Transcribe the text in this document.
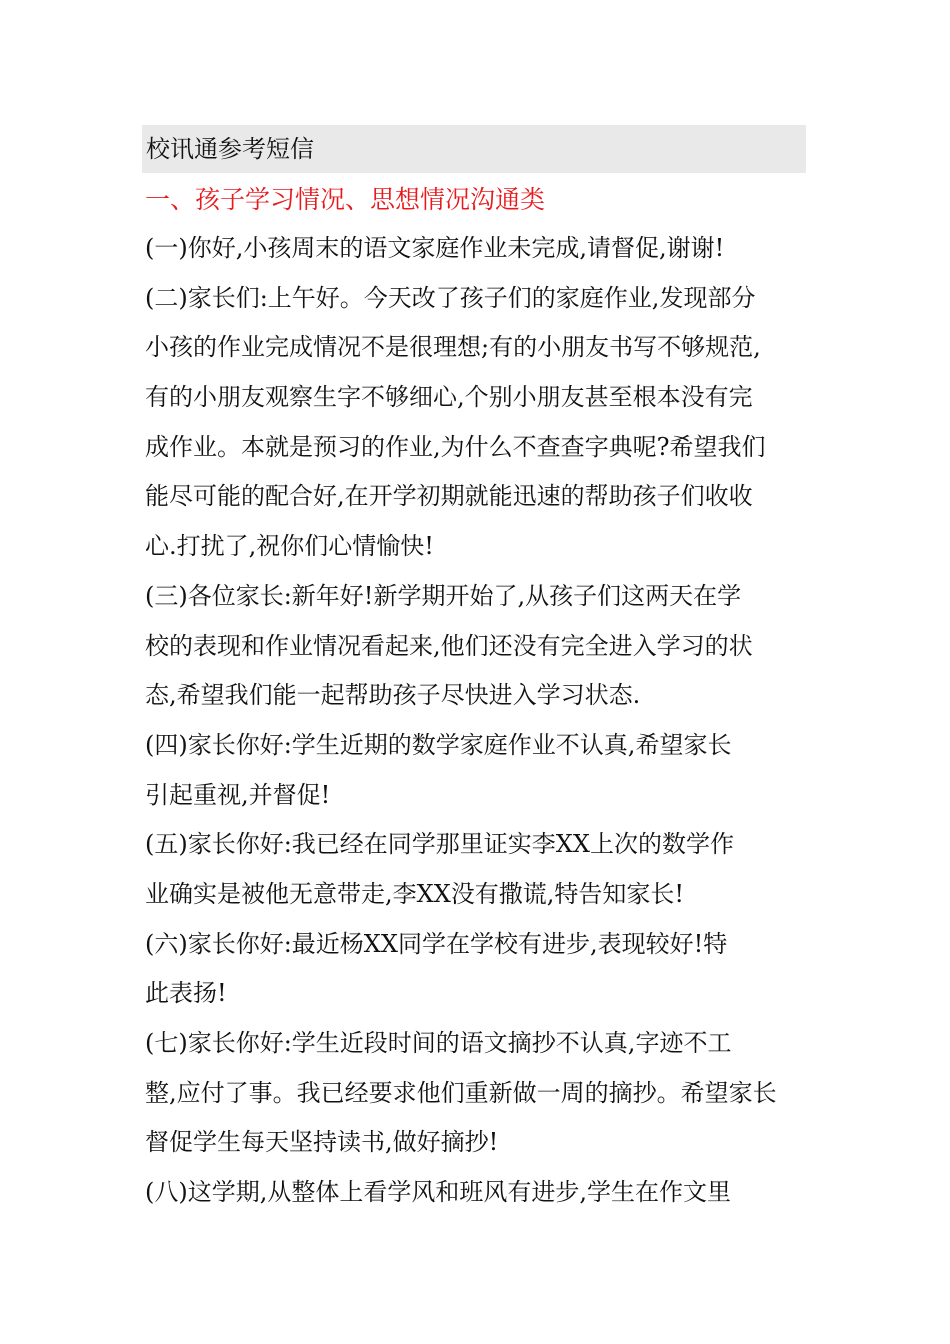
校讯通参考短信
一、孩子学习情况、思想情况沟通类
(一)你好,小孩周末的语文家庭作业未完成,请督促,谢谢!
(二)家长们:上午好。今天改了孩子们的家庭作业,发现部分
小孩的作业完成情况不是很理想;有的小朋友书写不够规范,
有的小朋友观察生字不够细心,个别小朋友甚至根本没有完
成作业。本就是预习的作业,为什么不查查字典呢?希望我们
能尽可能的配合好,在开学初期就能迅速的帮助孩子们收收
心.打扰了,祝你们心情愉快!
(三)各位家长:新年好!新学期开始了,从孩子们这两天在学
校的表现和作业情况看起来,他们还没有完全进入学习的状
态,希望我们能一起帮助孩子尽快进入学习状态.
(四)家长你好:学生近期的数学家庭作业不认真,希望家长
引起重视,并督促!
(五)家长你好:我已经在同学那里证实李XX上次的数学作
业确实是被他无意带走,李XX没有撒谎,特告知家长!
(六)家长你好:最近杨XX同学在学校有进步,表现较好!特
此表扬!
(七)家长你好:学生近段时间的语文摘抄不认真,字迹不工
整,应付了事。我已经要求他们重新做一周的摘抄。希望家长
督促学生每天坚持读书,做好摘抄!
(八)这学期,从整体上看学风和班风有进步,学生在作文里
